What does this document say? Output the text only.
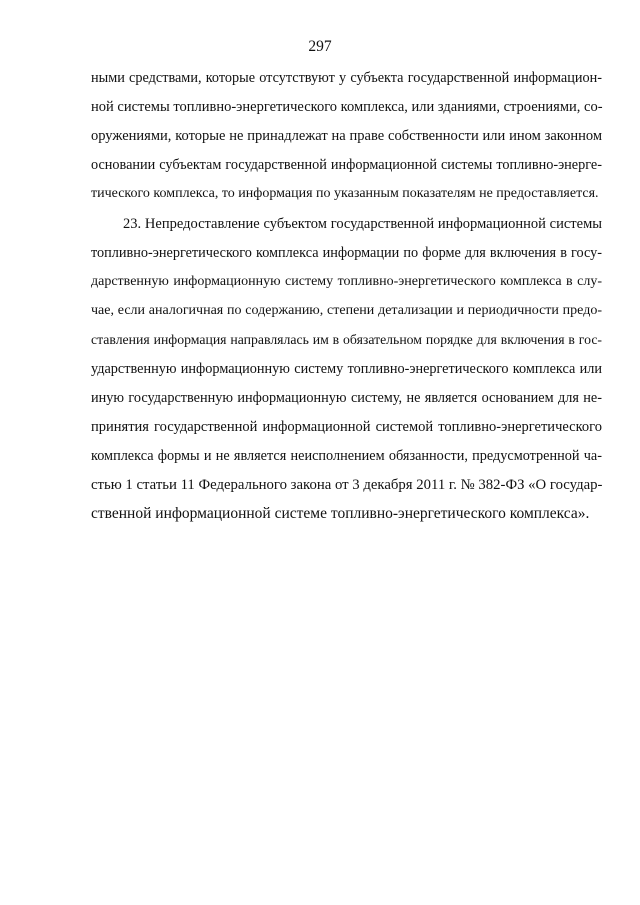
297
ными средствами, которые отсутствуют у субъекта государственной информацион-
ной системы топливно-энергетического комплекса, или зданиями, строениями, со-
оружениями, которые не принадлежат на праве собственности или ином законном
основании субъектам государственной информационной системы топливно-энерге-
тического комплекса, то информация по указанным показателям не предоставляется.
23. Непредоставление субъектом государственной информационной системы
топливно-энергетического комплекса информации по форме для включения в госу-
дарственную информационную систему топливно-энергетического комплекса в слу-
чае, если аналогичная по содержанию, степени детализации и периодичности предо-
ставления информация направлялась им в обязательном порядке для включения в гос-
ударственную информационную систему топливно-энергетического комплекса или
иную государственную информационную систему, не является основанием для не-
принятия государственной информационной системой топливно-энергетического
комплекса формы и не является неисполнением обязанности, предусмотренной ча-
стью 1 статьи 11 Федерального закона от 3 декабря 2011 г. № 382-ФЗ «О государ-
ственной информационной системе топливно-энергетического комплекса».
